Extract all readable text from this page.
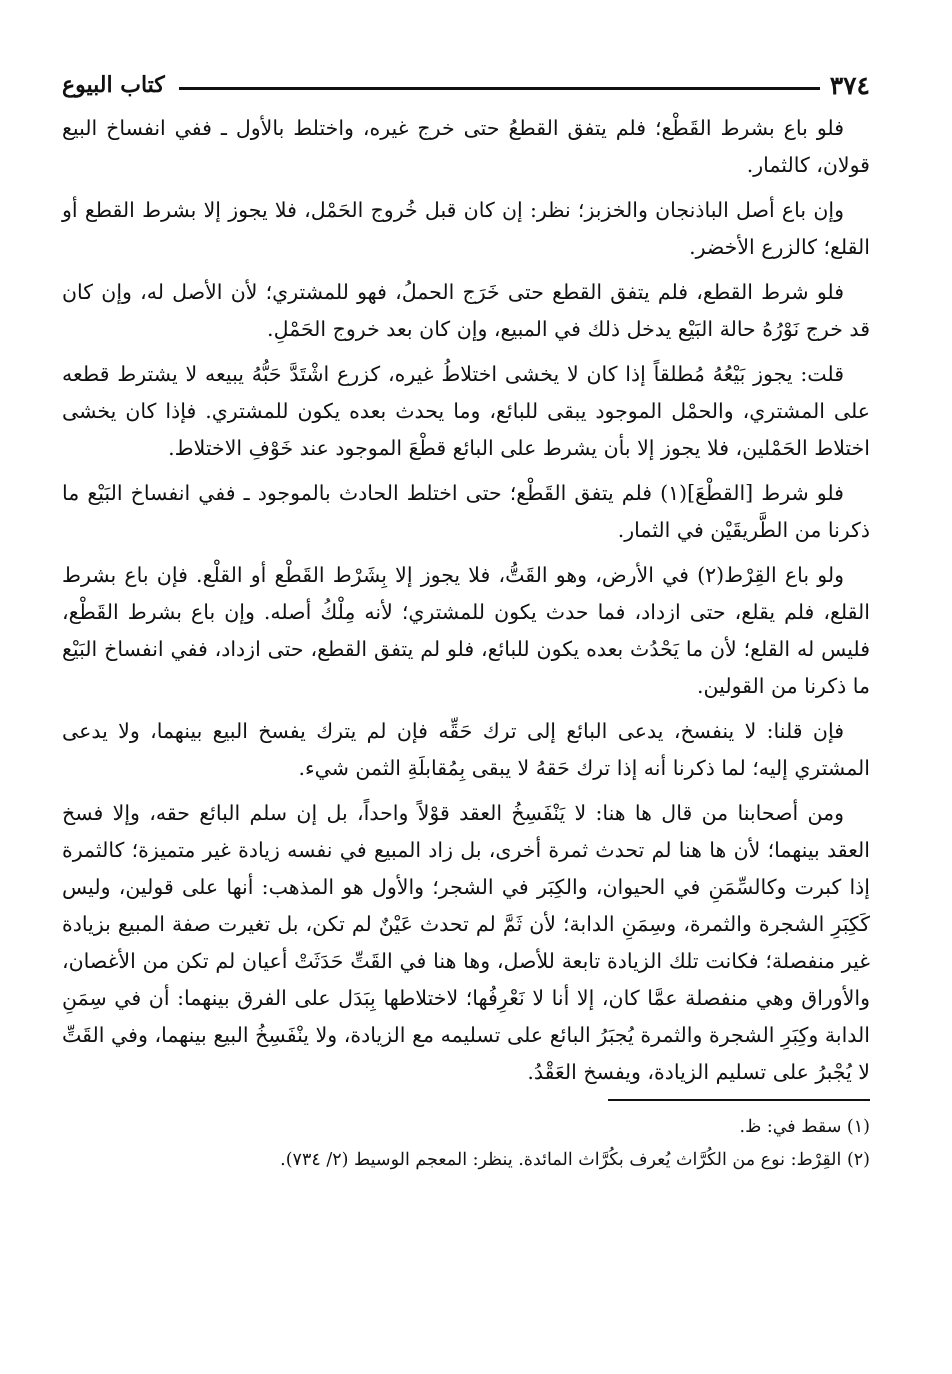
٣٧٤
كتاب البيوع

فلو باع بشرط القَطْع؛ فلم يتفق القطعُ حتى خرج غيره، واختلط بالأول ـ ففي انفساخ البيع قولان، كالثمار.

وإن باع أصل الباذنجان والخزبز؛ نظر: إن كان قبل خُروج الحَمْل، فلا يجوز إلا بشرط القطع أو القلع؛ كالزرع الأخضر.

فلو شرط القطع، فلم يتفق القطع حتى خَرَج الحملُ، فهو للمشتري؛ لأن الأصل له، وإن كان قد خرج نَوْرُهُ حالة البَيْع يدخل ذلك في المبيع، وإن كان بعد خروج الحَمْلِ.

قلت: يجوز بَيْعُهُ مُطلقاً إذا كان لا يخشى اختلاطُ غيره، كزرع اشْتَدَّ حَبُّهُ يبيعه لا يشترط قطعه على المشتري، والحمْل الموجود يبقى للبائع، وما يحدث بعده يكون للمشتري. فإذا كان يخشى اختلاط الحَمْلين، فلا يجوز إلا بأن يشرط على البائع قطْعَ الموجود عند خَوْفِ الاختلاط.

فلو شرط [القطْعَ](١) فلم يتفق القَطْع؛ حتى اختلط الحادث بالموجود ـ ففي انفساخ البَيْع ما ذكرنا من الطَّريقَيْن في الثمار.

ولو باع القِرْط(٢) في الأرض، وهو القَتُّ، فلا يجوز إلا بِشَرْط القَطْع أو القلْع. فإن باع بشرط القلع، فلم يقلع، حتى ازداد، فما حدث يكون للمشتري؛ لأنه مِلْكُ أصله. وإن باع بشرط القَطْع، فليس له القلع؛ لأن ما يَحْدُث بعده يكون للبائع، فلو لم يتفق القطع، حتى ازداد، ففي انفساخ البَيْع ما ذكرنا من القولين.

فإن قلنا: لا ينفسخ، يدعى البائع إلى ترك حَقِّه فإن لم يترك يفسخ البيع بينهما، ولا يدعى المشتري إليه؛ لما ذكرنا أنه إذا ترك حَقهُ لا يبقى بِمُقابلَةِ الثمن شيء.

ومن أصحابنا من قال ها هنا: لا يَنْفَسِخُ العقد قوْلاً واحداً، بل إن سلم البائع حقه، وإلا فسخ العقد بينهما؛ لأن ها هنا لم تحدث ثمرة أخرى، بل زاد المبيع في نفسه زيادة غير متميزة؛ كالثمرة إذا كبرت وكالسِّمَنِ في الحيوان، والكِبَر في الشجر؛ والأول هو المذهب: أنها على قولين، وليس كَكِبَرِ الشجرة والثمرة، وسِمَنِ الدابة؛ لأن ثَمَّ لم تحدث عَيْنٌ لم تكن، بل تغيرت صفة المبيع بزيادة غير منفصلة؛ فكانت تلك الزيادة تابعة للأصل، وها هنا في القَتِّ حَدَثَتْ أعيان لم تكن من الأغصان، والأوراق وهي منفصلة عمَّا كان، إلا أنا لا نَعْرِفُها؛ لاختلاطها بِبَدَل على الفرق بينهما: أن في سِمَنِ الدابة وكِبَرِ الشجرة والثمرة يُجبَرُ البائع على تسليمه مع الزيادة، ولا ينْفَسِخُ البيع بينهما، وفي القَتِّ لا يُجْبرُ على تسليم الزيادة، ويفسخ العَقْدُ.

(١) سقط في: ظ.

(٢) القِرْط: نوع من الكُرَّاث يُعرف بكُرَّاث المائدة. ينظر: المعجم الوسيط (٢/ ٧٣٤).
